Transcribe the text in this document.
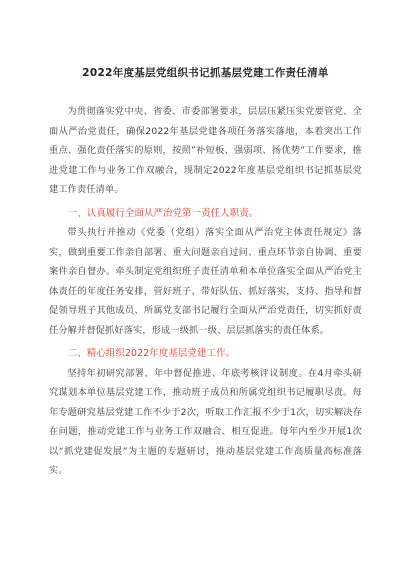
2022年度基层党组织书记抓基层党建工作责任清单

为贯彻落实党中央、省委、市委部署要求，层层压紧压实党要管党、全面从严治党责任，确保2022年基层党建各项任务落实落地，本着突出工作重点、强化责任落实的原则，按照”补短板、强弱项、扬优势”工作要求，推进党建工作与业务工作双融合，现制定2022年度基层党组织书记抓基层党建工作责任清单。

一、认真履行全面从严治党第一责任人职责。

带头执行并推动《党委（党组）落实全面从严治党主体责任规定》落实，做到重要工作亲自部署、重大问题亲自过问、重点环节亲自协调、重要案件亲自督办。牵头制定党组织班子责任清单和本单位落实全面从严治党主体责任的年度任务安排，管好班子、带好队伍、抓好落实，支持、指导和督促领导班子其他成员、所属党支部书记履行全面从严治党责任，切实抓好责任分解并督促抓好落实，形成一级抓一级、层层抓落实的责任体系。

二、精心组织2022年度基层党建工作。

坚持年初研究部署、年中督促推进、年底考核评议制度。在4月牵头研究谋划本单位基层党建工作，推动班子成员和所属党组织书记履职尽责。每年专题研究基层党建工作不少于2次，听取工作汇报不少于1次，切实解决存在问题，推动党建工作与业务工作双融合、相互促进。每年内至少开展1次以“抓党建促发展”为主题的专题研讨，推动基层党建工作高质量高标准落实。
